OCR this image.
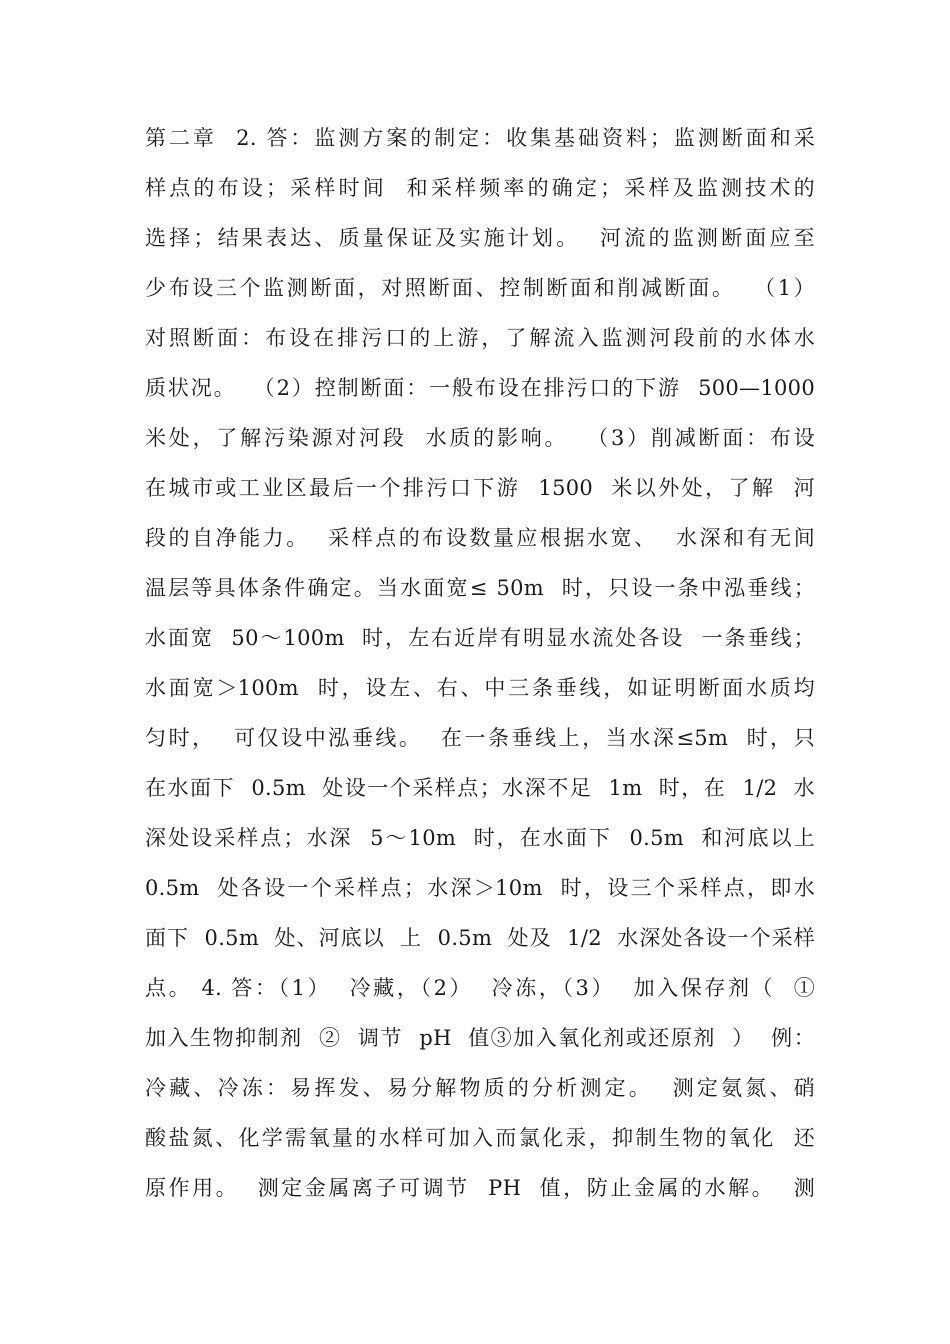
第二章  2. 答：监测方案的制定：收集基础资料；监测断面和采
样点的布设；采样时间  和采样频率的确定；采样及监测技术的
选择；结果表达、质量保证及实施计划。  河流的监测断面应至
少布设三个监测断面，对照断面、控制断面和削减断面。  （1）
对照断面：布设在排污口的上游，了解流入监测河段前的水体水
质状况。  （2）控制断面：一般布设在排污口的下游  500—1000
米处，了解污染源对河段  水质的影响。  （3）削减断面：布设
在城市或工业区最后一个排污口下游  1500  米以外处，了解  河
段的自净能力。  采样点的布设数量应根据水宽、  水深和有无间
温层等具体条件确定。当水面宽≤ 50m  时，只设一条中泓垂线；
水面宽  50～100m  时，左右近岸有明显水流处各设  一条垂线；
水面宽＞100m  时，设左、右、中三条垂线，如证明断面水质均
匀时，  可仅设中泓垂线。  在一条垂线上，当水深≤5m  时，只
在水面下  0.5m  处设一个采样点；水深不足  1m  时，在  1/2  水
深处设采样点；水深  5～10m  时，在水面下  0.5m  和河底以上
0.5m  处各设一个采样点；水深＞10m  时，设三个采样点，即水
面下  0.5m  处、河底以  上  0.5m  处及  1/2  水深处各设一个采样
点。 4. 答：（1）  冷藏，（2）  冷冻，（3）  加入保存剂（  ①
加入生物抑制剂  ②  调节  pH  值③加入氧化剂或还原剂  ）  例：
冷藏、冷冻：易挥发、易分解物质的分析测定。  测定氨氮、硝
酸盐氮、化学需氧量的水样可加入而氯化汞，抑制生物的氧化  还
原作用。  测定金属离子可调节  PH  值，防止金属的水解。  测
